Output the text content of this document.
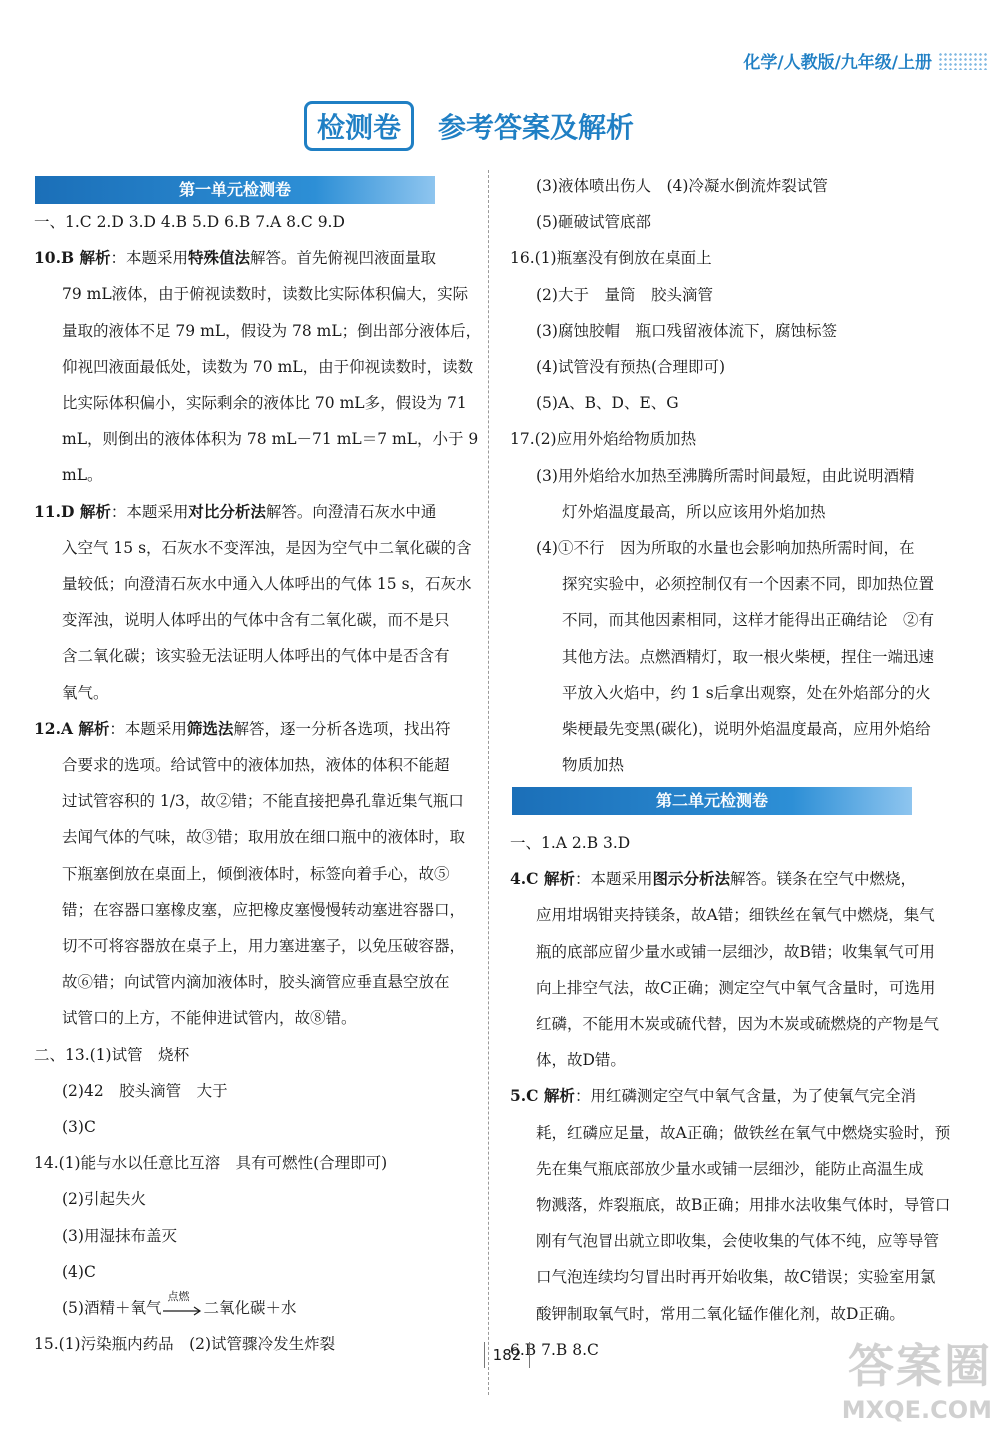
化学/人教版/九年级/上册
检测卷	参考答案及解析
第一单元检测卷
一、1.C 2.D 3.D 4.B 5.D 6.B 7.A 8.C 9.D
10.B 解析：本题采用特殊值法解答。首先俯视凹液面量取
79 mL液体，由于俯视读数时，读数比实际体积偏大，实际
量取的液体不足 79 mL，假设为 78 mL；倒出部分液体后，
仰视凹液面最低处，读数为 70 mL，由于仰视读数时，读数
比实际体积偏小，实际剩余的液体比 70 mL多，假设为 71
mL，则倒出的液体体积为 78 mL－71 mL＝7 mL，小于 9
mL。
11.D 解析：本题采用对比分析法解答。向澄清石灰水中通
入空气 15 s，石灰水不变浑浊，是因为空气中二氧化碳的含
量较低；向澄清石灰水中通入人体呼出的气体 15 s，石灰水
变浑浊，说明人体呼出的气体中含有二氧化碳，而不是只
含二氧化碳；该实验无法证明人体呼出的气体中是否含有
氧气。
12.A 解析：本题采用筛选法解答，逐一分析各选项，找出符
合要求的选项。给试管中的液体加热，液体的体积不能超
过试管容积的 1/3，故②错；不能直接把鼻孔靠近集气瓶口
去闻气体的气味，故③错；取用放在细口瓶中的液体时，取
下瓶塞倒放在桌面上，倾倒液体时，标签向着手心，故⑤
错；在容器口塞橡皮塞，应把橡皮塞慢慢转动塞进容器口，
切不可将容器放在桌子上，用力塞进塞子，以免压破容器，
故⑥错；向试管内滴加液体时，胶头滴管应垂直悬空放在
试管口的上方，不能伸进试管内，故⑧错。
二、13.(1)试管　烧杯
(2)42　胶头滴管　大于
(3)C
14.(1)能与水以任意比互溶　具有可燃性(合理即可)
(2)引起失火
(3)用湿抹布盖灭
(4)C
(5)酒精＋氧气
点燃
二氧化碳＋水
15.(1)污染瓶内药品　(2)试管骤冷发生炸裂
(3)液体喷出伤人　(4)冷凝水倒流炸裂试管
(5)砸破试管底部
16.(1)瓶塞没有倒放在桌面上
(2)大于　量筒　胶头滴管
(3)腐蚀胶帽　瓶口残留液体流下，腐蚀标签
(4)试管没有预热(合理即可)
(5)A、B、D、E、G
17.(2)应用外焰给物质加热
(3)用外焰给水加热至沸腾所需时间最短，由此说明酒精
灯外焰温度最高，所以应该用外焰加热
(4)①不行　因为所取的水量也会影响加热所需时间，在
探究实验中，必须控制仅有一个因素不同，即加热位置
不同，而其他因素相同，这样才能得出正确结论　②有
其他方法。点燃酒精灯，取一根火柴梗，捏住一端迅速
平放入火焰中，约 1 s后拿出观察，处在外焰部分的火
柴梗最先变黑(碳化)，说明外焰温度最高，应用外焰给
物质加热
第二单元检测卷
一、1.A 2.B 3.D
4.C 解析：本题采用图示分析法解答。镁条在空气中燃烧，
应用坩埚钳夹持镁条，故A错；细铁丝在氧气中燃烧，集气
瓶的底部应留少量水或铺一层细沙，故B错；收集氧气可用
向上排空气法，故C正确；测定空气中氧气含量时，可选用
红磷，不能用木炭或硫代替，因为木炭或硫燃烧的产物是气
体，故D错。
5.C 解析：用红磷测定空气中氧气含量，为了使氧气完全消
耗，红磷应足量，故A正确；做铁丝在氧气中燃烧实验时，预
先在集气瓶底部放少量水或铺一层细沙，能防止高温生成
物溅落，炸裂瓶底，故B正确；用排水法收集气体时，导管口
刚有气泡冒出就立即收集，会使收集的气体不纯，应等导管
口气泡连续均匀冒出时再开始收集，故C错误；实验室用氯
酸钾制取氧气时，常用二氧化锰作催化剂，故D正确。
6.B 7.B 8.C
182	答案圈
MXQE.COM
